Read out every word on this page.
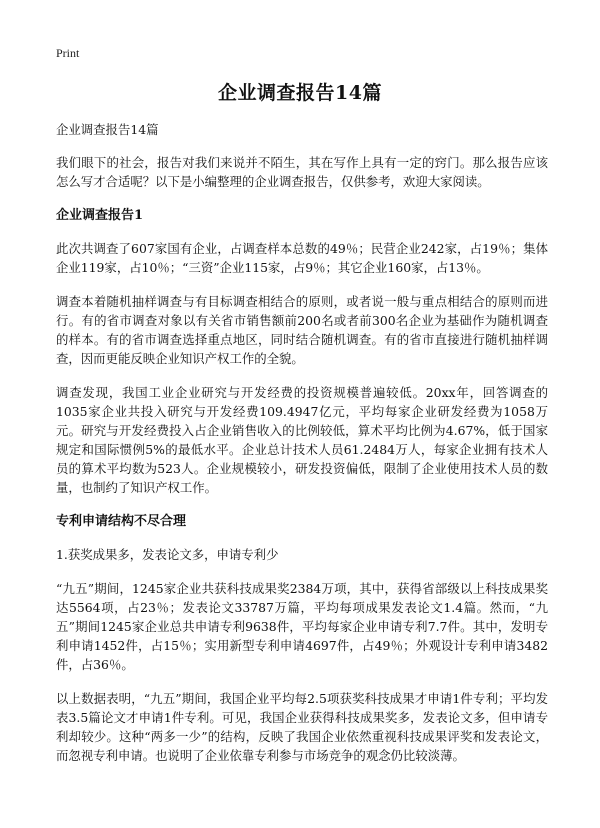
Print
企业调查报告14篇

企业调查报告14篇

我们眼下的社会，报告对我们来说并不陌生，其在写作上具有一定的窍门。那么报告应该怎么写才合适呢？以下是小编整理的企业调查报告，仅供参考，欢迎大家阅读。

企业调查报告1

此次共调查了607家国有企业，占调查样本总数的49％；民营企业242家，占19％；集体企业119家，占10％；“三资”企业115家，占9％；其它企业160家，占13％。

调查本着随机抽样调查与有目标调查相结合的原则，或者说一般与重点相结合的原则而进行。有的省市调查对象以有关省市销售额前200名或者前300名企业为基础作为随机调查的样本。有的省市调查选择重点地区，同时结合随机调查。有的省市直接进行随机抽样调查，因而更能反映企业知识产权工作的全貌。

调查发现，我国工业企业研究与开发经费的投资规模普遍较低。20xx年，回答调查的1035家企业共投入研究与开发经费109.4947亿元，平均每家企业研发经费为1058万元。研究与开发经费投入占企业销售收入的比例较低，算术平均比例为4.67%，低于国家规定和国际惯例5%的最低水平。企业总计技术人员61.2484万人，每家企业拥有技术人员的算术平均数为523人。企业规模较小，研发投资偏低，限制了企业使用技术人员的数量，也制约了知识产权工作。

专利申请结构不尽合理

1.获奖成果多，发表论文多，申请专利少

“九五”期间，1245家企业共获科技成果奖2384万项，其中，获得省部级以上科技成果奖达5564项，占23％；发表论文33787万篇，平均每项成果发表论文1.4篇。然而，“九五”期间1245家企业总共申请专利9638件，平均每家企业申请专利7.7件。其中，发明专利申请1452件，占15％；实用新型专利申请4697件，占49％；外观设计专利申请3482件，占36％。

以上数据表明，“九五”期间，我国企业平均每2.5项获奖科技成果才申请1件专利；平均发表3.5篇论文才申请1件专利。可见，我国企业获得科技成果奖多，发表论文多，但申请专利却较少。这种“两多一少”的结构，反映了我国企业依然重视科技成果评奖和发表论文，而忽视专利申请。也说明了企业依靠专利参与市场竞争的观念仍比较淡薄。
